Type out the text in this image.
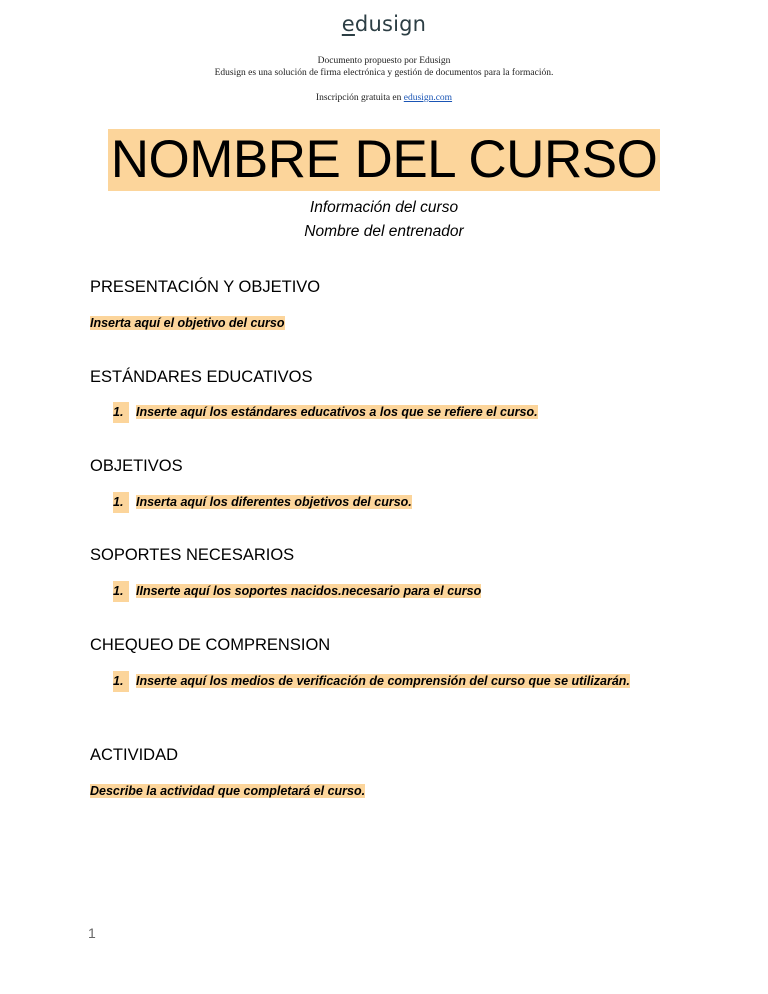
edusign
Documento propuesto por Edusign
Edusign es una solución de firma electrónica y gestión de documentos para la formación.
Inscripción gratuita en edusign.com
NOMBRE DEL CURSO
Información del curso
Nombre del entrenador
PRESENTACIÓN Y OBJETIVO
Inserta aquí el objetivo del curso
ESTÁNDARES EDUCATIVOS
1.	Inserte aquí los estándares educativos a los que se refiere el curso.
OBJETIVOS
1.	Inserta aquí los diferentes objetivos del curso.
SOPORTES NECESARIOS
1.	IInserte aquí los soportes nacidos.necesario para el curso
CHEQUEO DE COMPRENSION
1.	Inserte aquí los medios de verificación de comprensión del curso que se utilizarán.
ACTIVIDAD
Describe la actividad que completará el curso.
1
